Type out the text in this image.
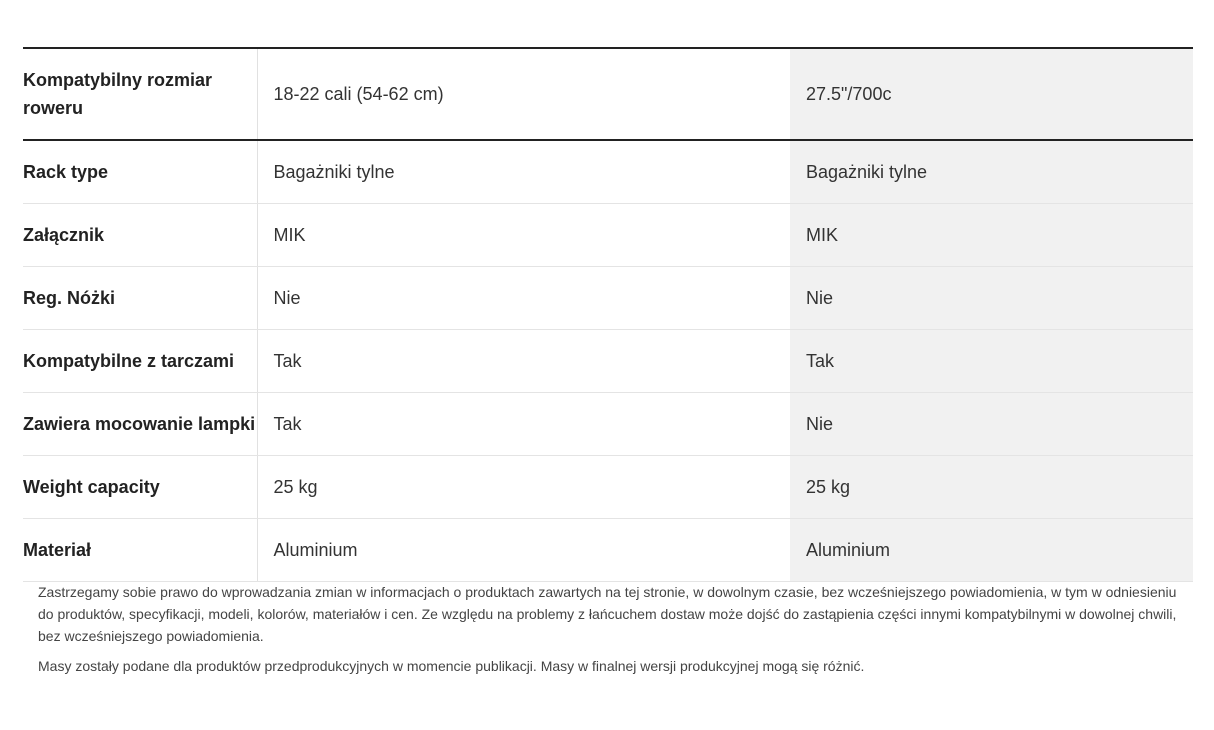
Kompatybilny rozmiar roweru	18-22 cali (54-62 cm)	27.5"/700c
Rack type	Bagażniki tylne	Bagażniki tylne
Załącznik	MIK	MIK
Reg. Nóżki	Nie	Nie
Kompatybilne z tarczami	Tak	Tak
Zawiera mocowanie lampki	Tak	Nie
Weight capacity	25 kg	25 kg
Materiał	Aluminium	Aluminium

Zastrzegamy sobie prawo do wprowadzania zmian w informacjach o produktach zawartych na tej stronie, w dowolnym czasie, bez wcześniejszego powiadomienia, w tym w odniesieniu do produktów, specyfikacji, modeli, kolorów, materiałów i cen. Ze względu na problemy z łańcuchem dostaw może dojść do zastąpienia części innymi kompatybilnymi w dowolnej chwili, bez wcześniejszego powiadomienia.

Masy zostały podane dla produktów przedprodukcyjnych w momencie publikacji. Masy w finalnej wersji produkcyjnej mogą się różnić.
